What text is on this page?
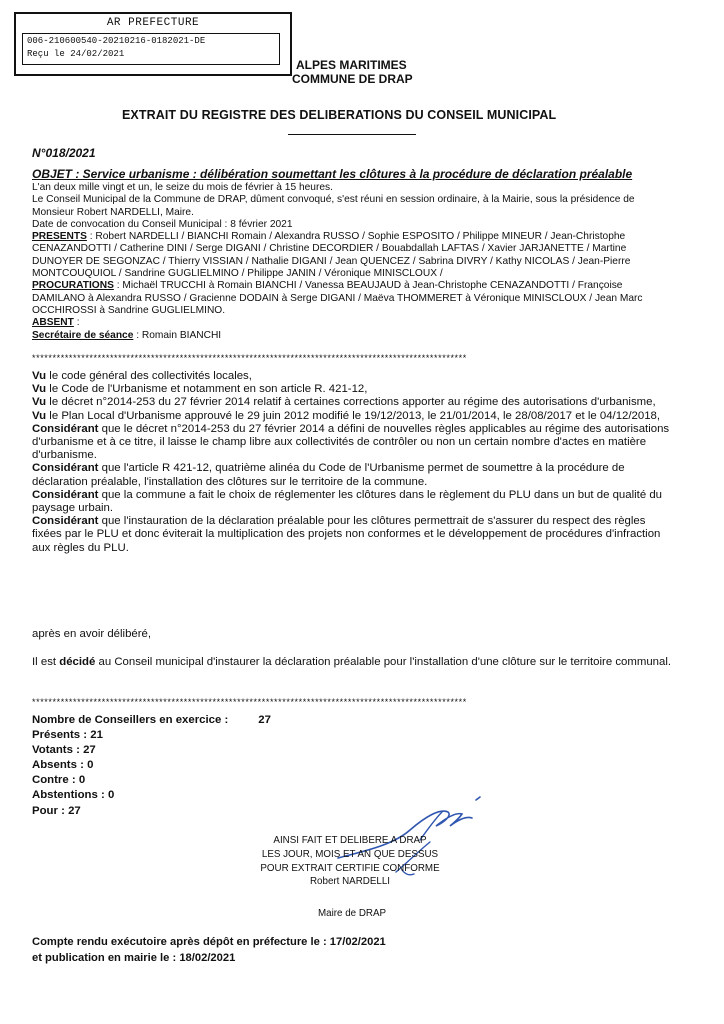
AR PREFECTURE
006-210600540-20210216-0182021-DE
Reçu le 24/02/2021
ALPES MARITIMES
COMMUNE DE DRAP
EXTRAIT DU REGISTRE DES DELIBERATIONS DU CONSEIL MUNICIPAL
N°018/2021
OBJET : Service urbanisme : délibération soumettant les clôtures à la procédure de déclaration préalable

L'an deux mille vingt et un, le seize du mois de février à 15 heures.

Le Conseil Municipal de la Commune de DRAP, dûment convoqué, s'est réuni en session ordinaire, à la Mairie, sous la présidence de Monsieur Robert NARDELLI, Maire.

Date de convocation du Conseil Municipal : 8 février 2021

PRESENTS : Robert NARDELLI / BIANCHI Romain / Alexandra RUSSO / Sophie ESPOSITO / Philippe MINEUR / Jean-Christophe CENAZANDOTTI / Catherine DINI / Serge DIGANI / Christine DECORDIER / Bouabdallah LAFTAS / Xavier JARJANETTE / Martine DUNOYER DE SEGONZAC / Thierry VISSIAN / Nathalie DIGANI / Jean QUENCEZ / Sabrina DIVRY / Kathy NICOLAS / Jean-Pierre MONTCOUQUIOL / Sandrine GUGLIELMINO / Philippe JANIN / Véronique MINISCLOUX /

PROCURATIONS : Michaël TRUCCHI à Romain BIANCHI / Vanessa BEAUJAUD à Jean-Christophe CENAZANDOTTI / Françoise DAMILANO à Alexandra RUSSO / Gracienne DODAIN à Serge DIGANI / Maëva THOMMERET à Véronique MINISCLOUX / Jean Marc OCCHIROSSI à Sandrine GUGLIELMINO.

ABSENT :

Secrétaire de séance : Romain BIANCHI

**********************************************************************************************************

Vu le code général des collectivités locales,

Vu le Code de l'Urbanisme et notamment en son article R. 421-12,

Vu le décret n°2014-253 du 27 février 2014 relatif à certaines corrections apporter au régime des autorisations d'urbanisme,

Vu le Plan Local d'Urbanisme approuvé le 29 juin 2012 modifié le 19/12/2013, le 21/01/2014, le 28/08/2017 et le 04/12/2018,

Considérant que le décret n°2014-253 du 27 février 2014 a défini de nouvelles règles applicables au régime des autorisations d'urbanisme et à ce titre, il laisse le champ libre aux collectivités de contrôler ou non un certain nombre d'actes en matière d'urbanisme.

Considérant que l'article R 421-12, quatrième alinéa du Code de l'Urbanisme permet de soumettre à la procédure de déclaration préalable, l'installation des clôtures sur le territoire de la commune.

Considérant que la commune a fait le choix de réglementer les clôtures dans le règlement du PLU dans un but de qualité du paysage urbain.

Considérant que l'instauration de la déclaration préalable pour les clôtures permettrait de s'assurer du respect des règles fixées par le PLU et donc éviterait la multiplication des projets non conformes et le développement de procédures d'infraction aux règles du PLU.

après en avoir délibéré,
Il est décidé au Conseil municipal d'instaurer la déclaration préalable pour l'installation d'une clôture sur le territoire communal.
**********************************************************************************************************
Nombre de Conseillers en exercice :	27
Présents : 21
Votants : 27
Absents : 0
Contre : 0
Abstentions : 0
Pour : 27
AINSI FAIT ET DELIBERE A DRAP
LES JOUR, MOIS ET AN QUE DESSUS
POUR EXTRAIT CERTIFIE CONFORME
Robert NARDELLI
Maire de DRAP
Compte rendu exécutoire après dépôt en préfecture le : 17/02/2021
et publication en mairie le : 18/02/2021
